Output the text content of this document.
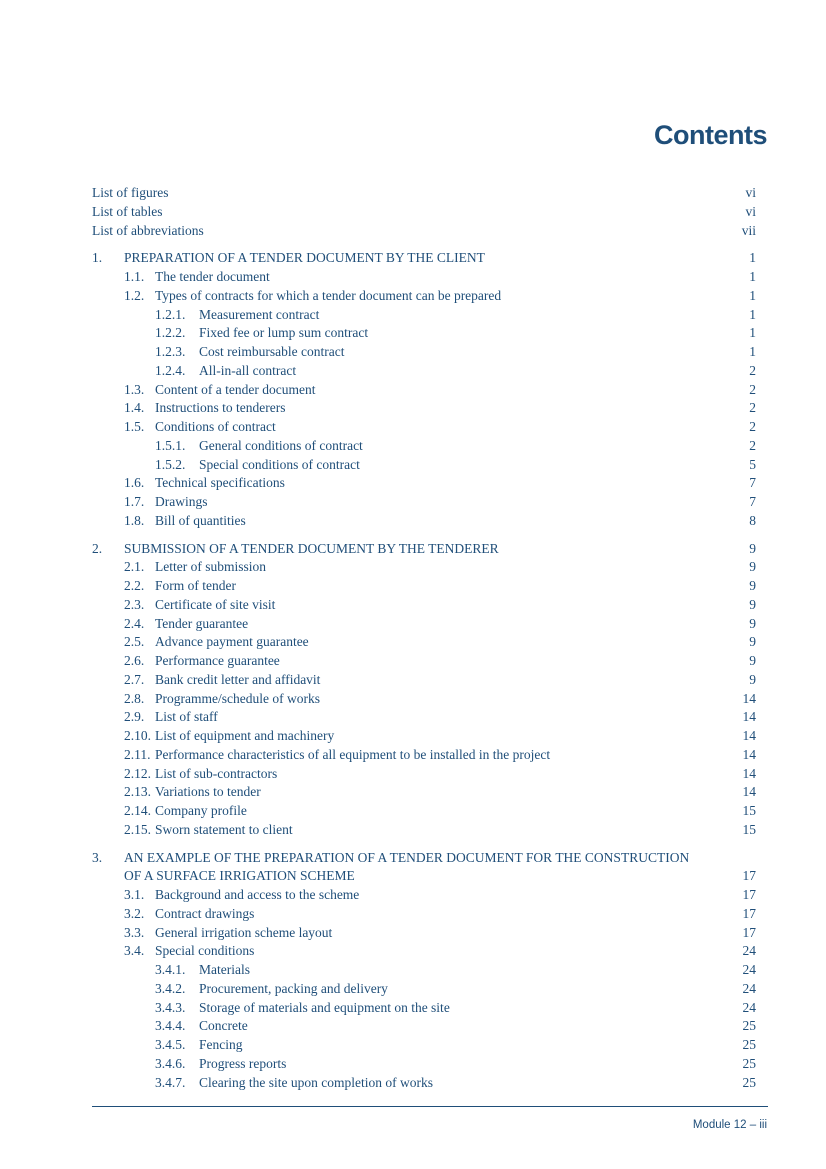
Contents
List of figures	vi
List of tables	vi
List of abbreviations	vii
1. PREPARATION OF A TENDER DOCUMENT BY THE CLIENT	1
1.1. The tender document	1
1.2. Types of contracts for which a tender document can be prepared	1
1.2.1. Measurement contract	1
1.2.2. Fixed fee or lump sum contract	1
1.2.3. Cost reimbursable contract	1
1.2.4. All-in-all contract	2
1.3. Content of a tender document	2
1.4. Instructions to tenderers	2
1.5. Conditions of contract	2
1.5.1. General conditions of contract	2
1.5.2. Special conditions of contract	5
1.6. Technical specifications	7
1.7. Drawings	7
1.8. Bill of quantities	8
2. SUBMISSION OF A TENDER DOCUMENT BY THE TENDERER	9
2.1. Letter of submission	9
2.2. Form of tender	9
2.3. Certificate of site visit	9
2.4. Tender guarantee	9
2.5. Advance payment guarantee	9
2.6. Performance guarantee	9
2.7. Bank credit letter and affidavit	9
2.8. Programme/schedule of works	14
2.9. List of staff	14
2.10. List of equipment and machinery	14
2.11. Performance characteristics of all equipment to be installed in the project	14
2.12. List of sub-contractors	14
2.13. Variations to tender	14
2.14. Company profile	15
2.15. Sworn statement to client	15
3. AN EXAMPLE OF THE PREPARATION OF A TENDER DOCUMENT FOR THE CONSTRUCTION
OF A SURFACE IRRIGATION SCHEME	17
3.1. Background and access to the scheme	17
3.2. Contract drawings	17
3.3. General irrigation scheme layout	17
3.4. Special conditions	24
3.4.1. Materials	24
3.4.2. Procurement, packing and delivery	24
3.4.3. Storage of materials and equipment on the site	24
3.4.4. Concrete	25
3.4.5. Fencing	25
3.4.6. Progress reports	25
3.4.7. Clearing the site upon completion of works	25
Module 12 – iii
